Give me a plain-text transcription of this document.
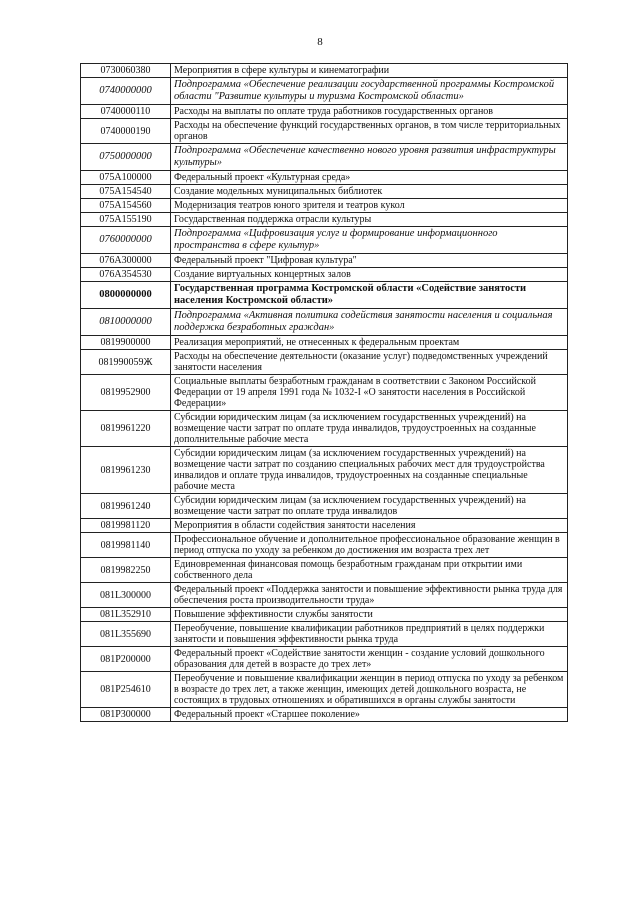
8
0730060380	Мероприятия в сфере культуры и кинематографии
0740000000	Подпрограмма «Обеспечение реализации государственной программы Костромской области "Развитие культуры и туризма Костромской области»
0740000110	Расходы на выплаты по оплате труда работников государственных органов
0740000190	Расходы на обеспечение функций государственных органов, в том числе территориальных органов
0750000000	Подпрограмма «Обеспечение качественно нового уровня развития инфраструктуры культуры»
075A100000	Федеральный проект «Культурная среда»
075A154540	Создание модельных муниципальных библиотек
075A154560	Модернизация театров юного зрителя и театров кукол
075A155190	Государственная поддержка отрасли культуры
0760000000	Подпрограмма «Цифровизация услуг и формирование информационного пространства в сфере культур»
076A300000	Федеральный проект "Цифровая культура"
076A354530	Создание виртуальных концертных залов
0800000000	Государственная программа Костромской области «Содействие занятости населения Костромской области»
0810000000	Подпрограмма «Активная политика содействия занятости населения и социальная поддержка безработных граждан»
0819900000	Реализация мероприятий, не отнесенных к федеральным проектам
081990059Ж	Расходы на обеспечение деятельности (оказание услуг) подведомственных учреждений занятости населения
0819952900	Социальные выплаты безработным гражданам в соответствии с Законом Российской Федерации от 19 апреля 1991 года № 1032-I «О занятости населения в Российской Федерации»
0819961220	Субсидии юридическим лицам (за исключением государственных учреждений) на возмещение части затрат по оплате труда инвалидов, трудоустроенных на созданные дополнительные рабочие места
0819961230	Субсидии юридическим лицам (за исключением государственных учреждений) на возмещение части затрат по созданию специальных рабочих мест для трудоустройства инвалидов и оплате труда инвалидов, трудоустроенных на созданные специальные рабочие места
0819961240	Субсидии юридическим лицам (за исключением государственных учреждений) на возмещение части затрат по оплате труда инвалидов
0819981120	Мероприятия в области содействия занятости населения
0819981140	Профессиональное обучение и дополнительное профессиональное образование женщин в период отпуска по уходу за ребенком до достижения им возраста трех лет
0819982250	Единовременная финансовая помощь безработным гражданам при открытии ими собственного дела
081L300000	Федеральный проект «Поддержка занятости и повышение эффективности рынка труда для обеспечения роста производительности труда»
081L352910	Повышение эффективности службы занятости
081L355690	Переобучение, повышение квалификации работников предприятий в целях поддержки занятости и повышения эффективности рынка труда
081P200000	Федеральный проект «Содействие занятости женщин - создание условий дошкольного образования для детей в возрасте до трех лет»
081P254610	Переобучение и повышение квалификации женщин в период отпуска по уходу за ребенком в возрасте до трех лет, а также женщин, имеющих детей дошкольного возраста, не состоящих в трудовых отношениях и обратившихся в органы службы занятости
081P300000	Федеральный проект «Старшее поколение»
